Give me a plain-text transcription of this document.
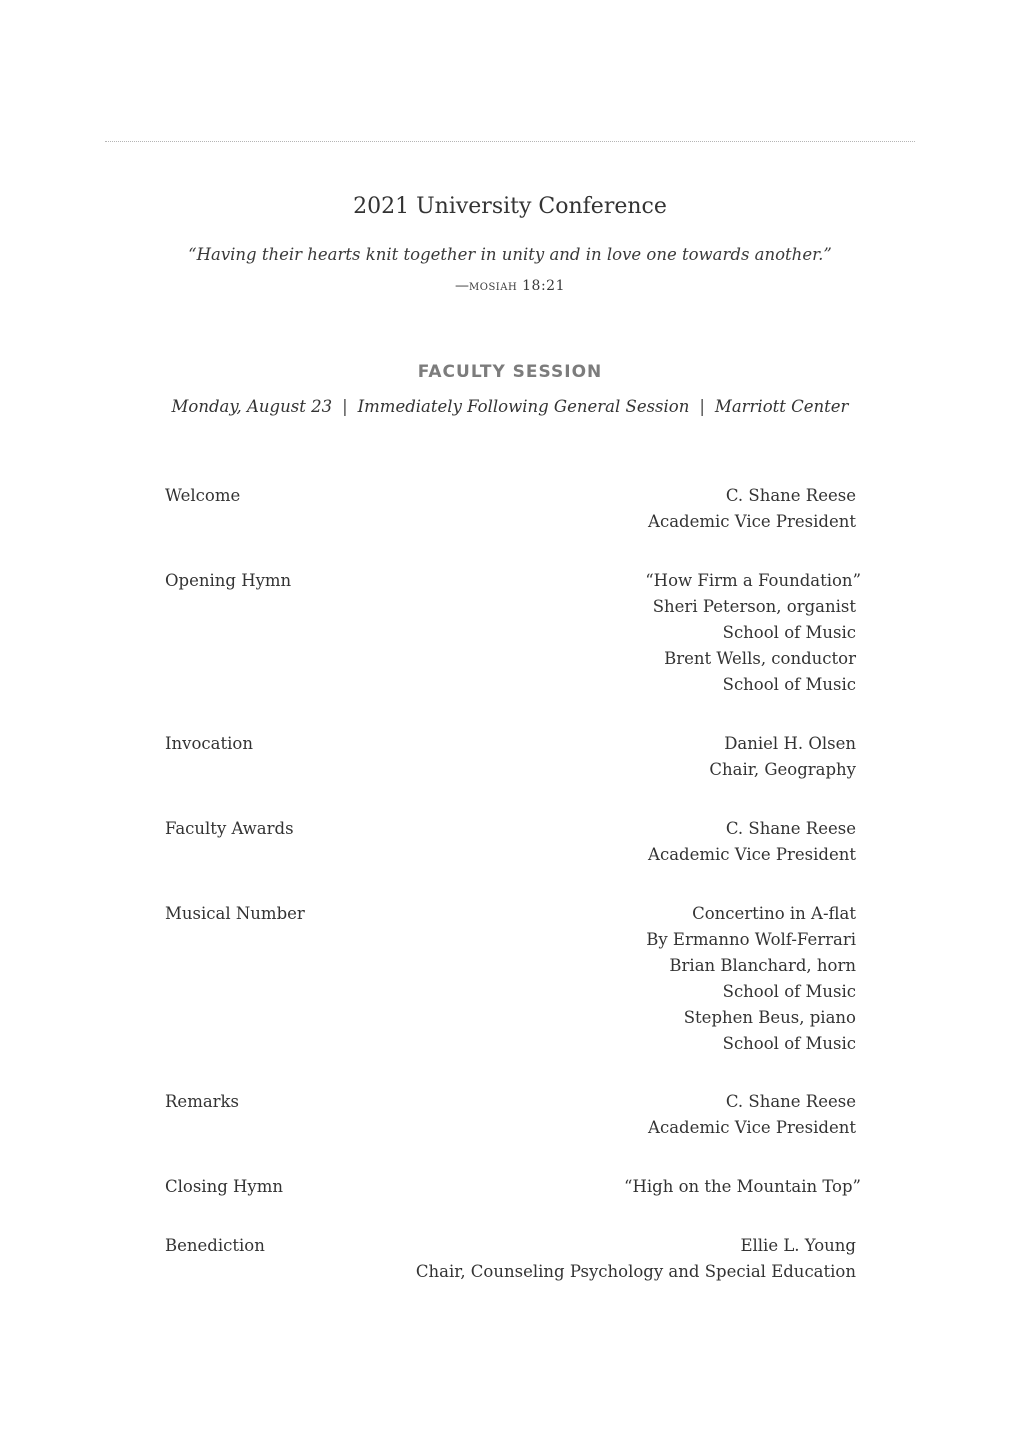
2021 University Conference
“Having their hearts knit together in unity and in love one towards another.”
—mosiah 18:21
FACULTY SESSION
Monday, August 23 | Immediately Following General Session | Marriott Center
Welcome	C. Shane Reese
Academic Vice President
Opening Hymn	“How Firm a Foundation”
Sheri Peterson, organist
School of Music
Brent Wells, conductor
School of Music
Invocation	Daniel H. Olsen
Chair, Geography
Faculty Awards	C. Shane Reese
Academic Vice President
Musical Number	Concertino in A-flat
By Ermanno Wolf-Ferrari
Brian Blanchard, horn
School of Music
Stephen Beus, piano
School of Music
Remarks	C. Shane Reese
Academic Vice President
Closing Hymn	“High on the Mountain Top”
Benediction	Ellie L. Young
Chair, Counseling Psychology and Special Education
